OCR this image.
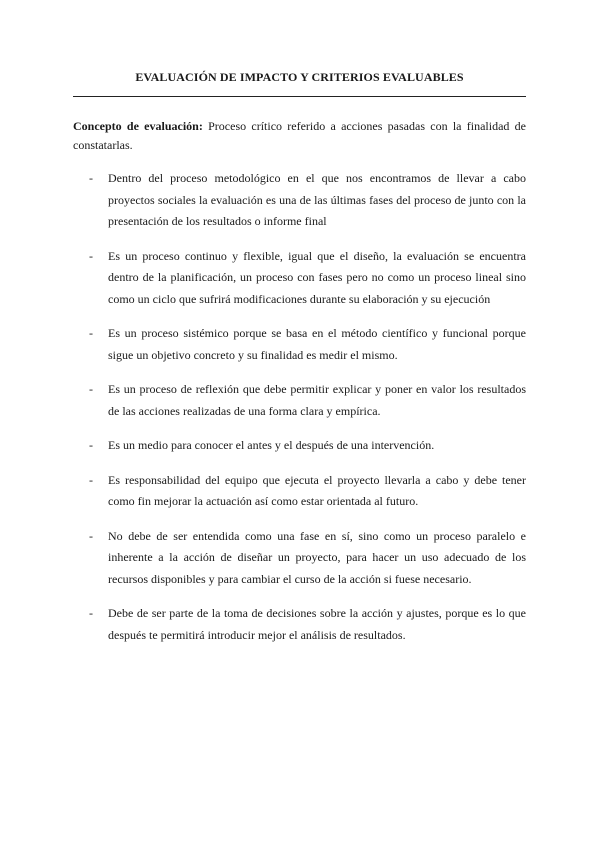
EVALUACIÓN DE IMPACTO Y CRITERIOS EVALUABLES

Concepto de evaluación: Proceso crítico referido a acciones pasadas con la finalidad de constatarlas.

- Dentro del proceso metodológico en el que nos encontramos de llevar a cabo proyectos sociales la evaluación es una de las últimas fases del proceso de junto con la presentación de los resultados o informe final
- Es un proceso continuo y flexible, igual que el diseño, la evaluación se encuentra dentro de la planificación, un proceso con fases pero no como un proceso lineal sino como un ciclo que sufrirá modificaciones durante su elaboración y su ejecución
- Es un proceso sistémico porque se basa en el método científico y funcional porque sigue un objetivo concreto y su finalidad es medir el mismo.
- Es un proceso de reflexión que debe permitir explicar y poner en valor los resultados de las acciones realizadas de una forma clara y empírica.
- Es un medio para conocer el antes y el después de una intervención.
- Es responsabilidad del equipo que ejecuta el proyecto llevarla a cabo y debe tener como fin mejorar la actuación así como estar orientada al futuro.
- No debe de ser entendida como una fase en sí, sino como un proceso paralelo e inherente a la acción de diseñar un proyecto, para hacer un uso adecuado de los recursos disponibles y para cambiar el curso de la acción si fuese necesario.
- Debe de ser parte de la toma de decisiones sobre la acción y ajustes, porque es lo que después te permitirá introducir mejor el análisis de resultados.
